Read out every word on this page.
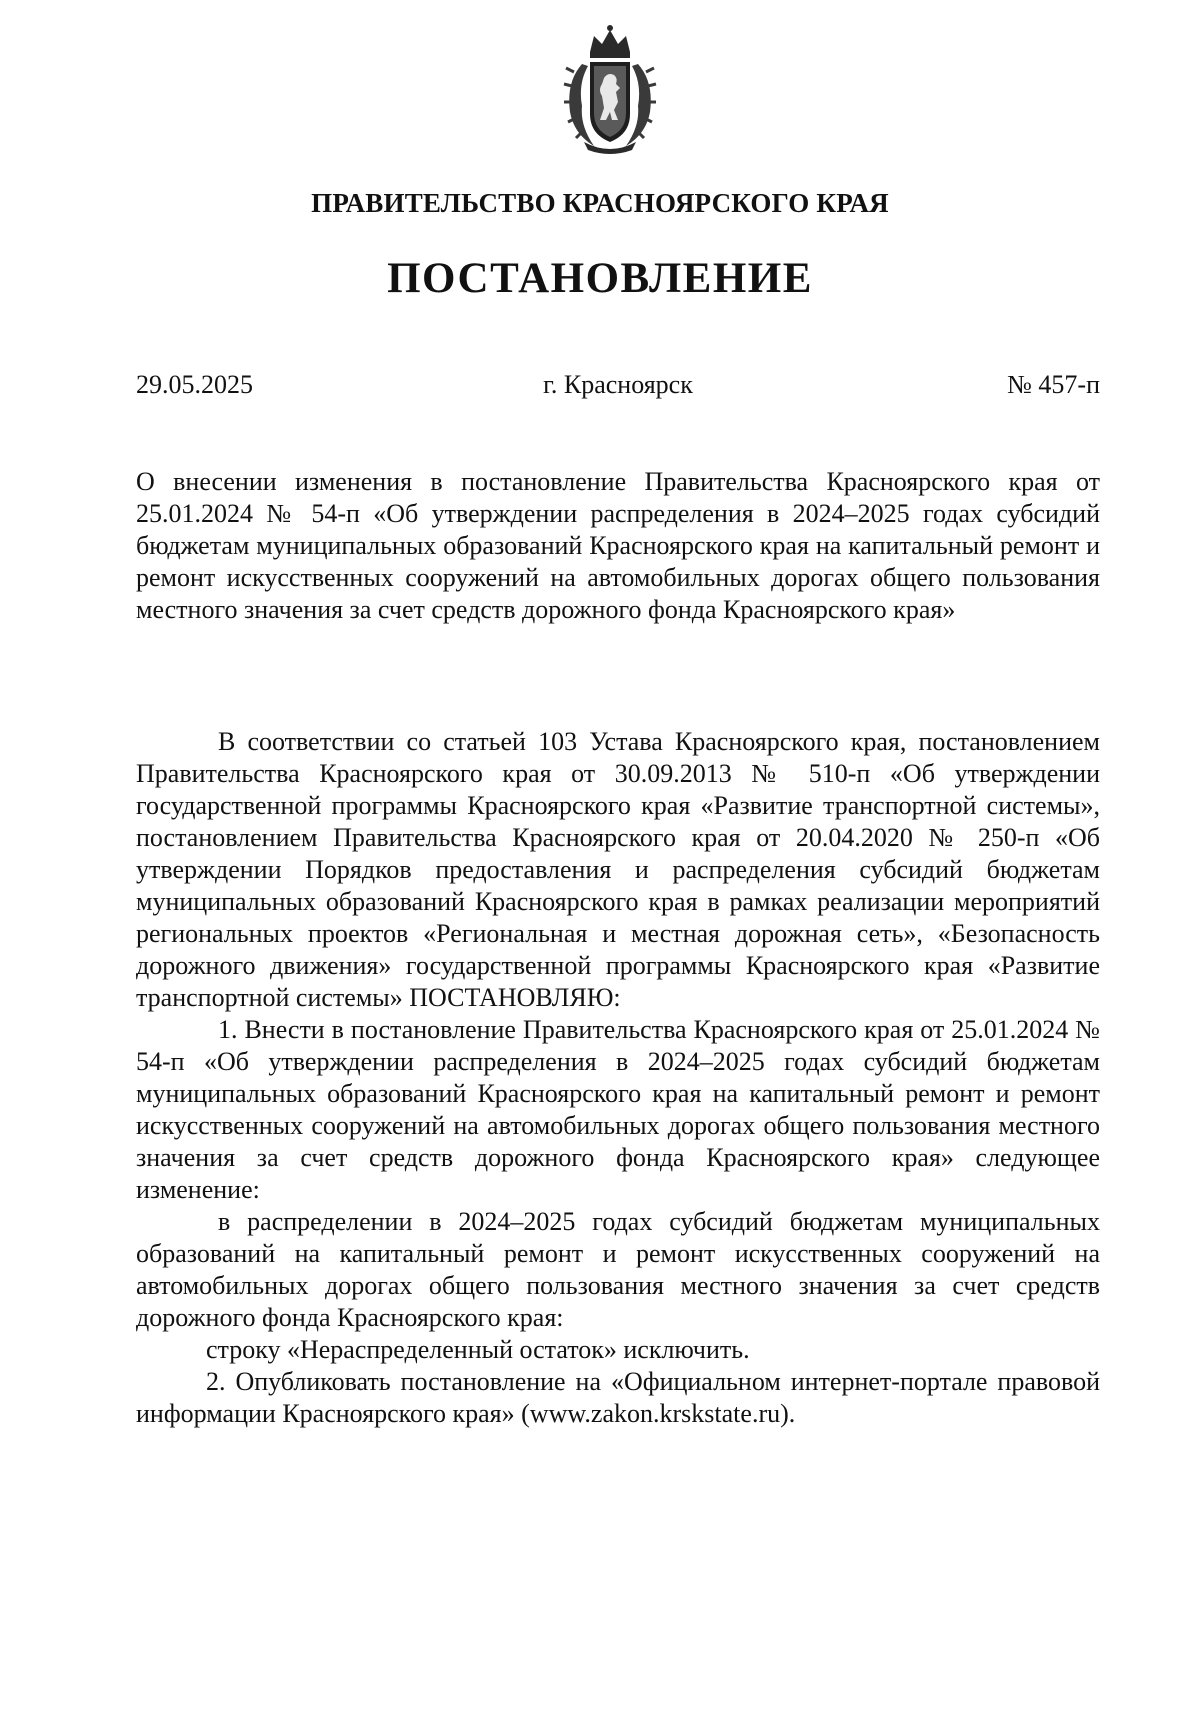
ПРАВИТЕЛЬСТВО КРАСНОЯРСКОГО КРАЯ
ПОСТАНОВЛЕНИЕ
29.05.2025	г. Красноярск	№ 457-п

О внесении изменения в постановление Правительства Красноярского края от 25.01.2024 № 54-п «Об утверждении распределения в 2024–2025 годах субсидий бюджетам муниципальных образований Красноярского края на капитальный ремонт и ремонт искусственных сооружений на автомобильных дорогах общего пользования местного значения за счет средств дорожного фонда Красноярского края»

В соответствии со статьей 103 Устава Красноярского края, постановлением Правительства Красноярского края от 30.09.2013 № 510-п «Об утверждении государственной программы Красноярского края «Развитие транспортной системы», постановлением Правительства Красноярского края от 20.04.2020 № 250-п «Об утверждении Порядков предоставления и распределения субсидий бюджетам муниципальных образований Красноярского края в рамках реализации мероприятий региональных проектов «Региональная и местная дорожная сеть», «Безопасность дорожного движения» государственной программы Красноярского края «Развитие транспортной системы» ПОСТАНОВЛЯЮ:

1. Внести в постановление Правительства Красноярского края от 25.01.2024 № 54-п «Об утверждении распределения в 2024–2025 годах субсидий бюджетам муниципальных образований Красноярского края на капитальный ремонт и ремонт искусственных сооружений на автомобильных дорогах общего пользования местного значения за счет средств дорожного фонда Красноярского края» следующее изменение:

в распределении в 2024–2025 годах субсидий бюджетам муниципальных образований на капитальный ремонт и ремонт искусственных сооружений на автомобильных дорогах общего пользования местного значения за счет средств дорожного фонда Красноярского края:

строку «Нераспределенный остаток» исключить.

2. Опубликовать постановление на «Официальном интернет-портале правовой информации Красноярского края» (www.zakon.krskstate.ru).
